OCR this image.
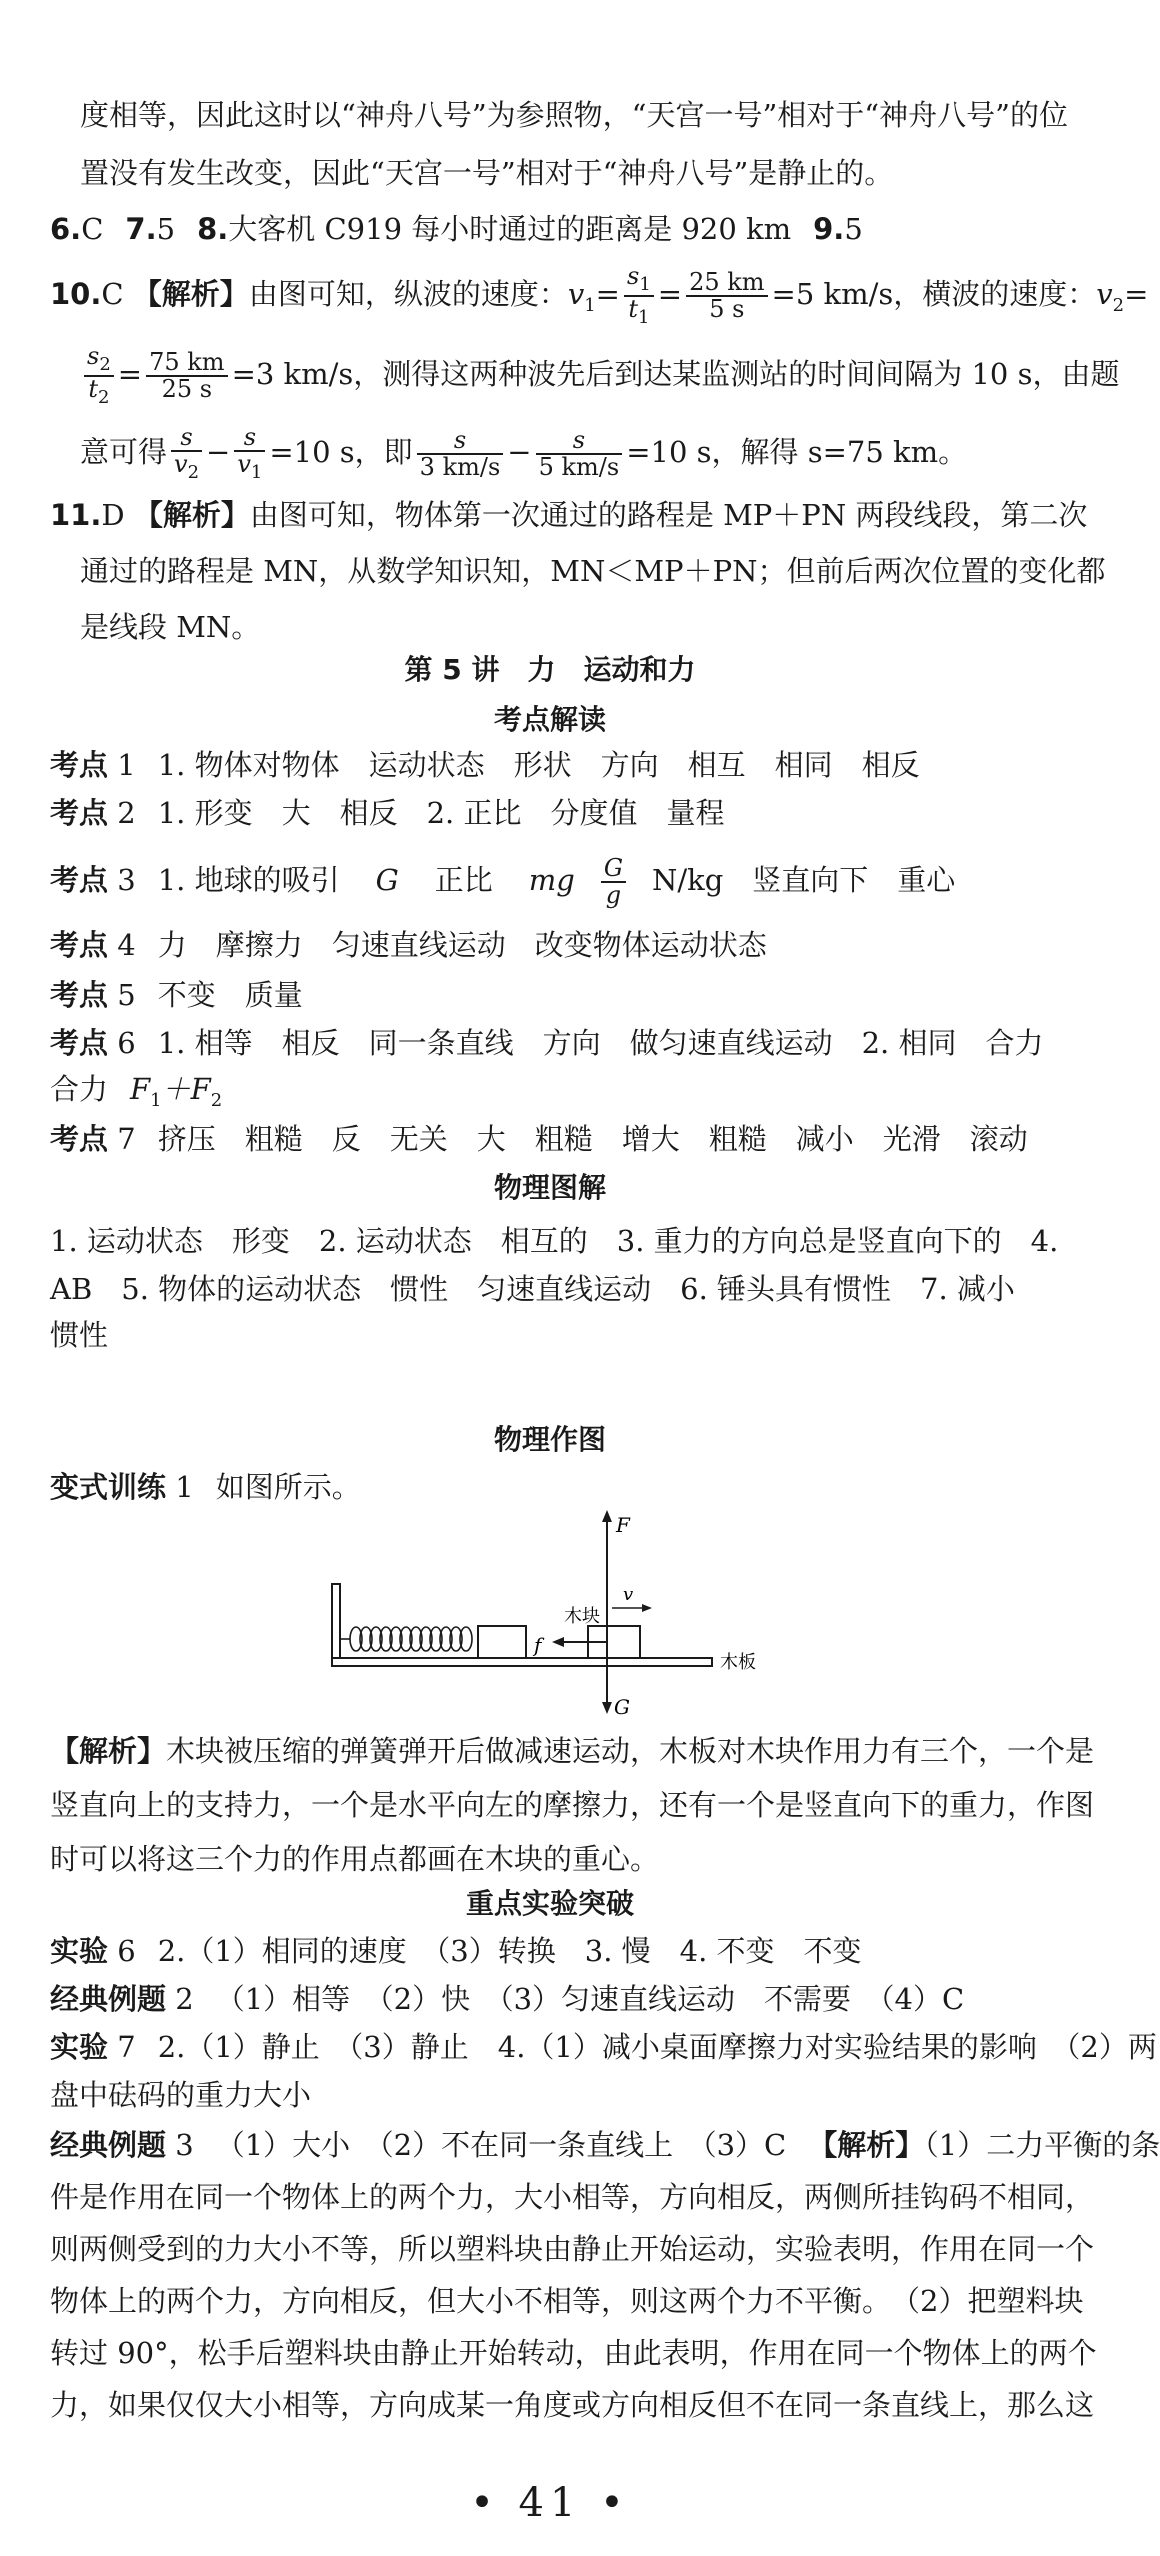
度相等，因此这时以“神舟八号”为参照物，“天宫一号”相对于“神舟八号”的位
置没有发生改变，因此“天宫一号”相对于“神舟八号”是静止的。
6.C 7.5 8.大客机 C919 每小时通过的距离是 920 km 9.5
10.C 【解析】由图可知，纵波的速度：$v_1= \frac{s_1}{t_1} = \frac{25 km}{5 s} =5$ km/s，横波的速度：$v_2=$
$\frac{s_2}{t_2} = \frac{75 km}{25 s} =3$ km/s，测得这两种波先后到达某监测站的时间间隔为 10 s，由题
意可得 $\frac{s}{v_2} - \frac{s}{v_1} =10$ s，即 $\frac{s}{3 km/s} - \frac{s}{5 km/s} =10$ s，解得 s=75 km。
11.D 【解析】由图可知，物体第一次通过的路程是 MP＋PN 两段线段，第二次
通过的路程是 MN，从数学知识知，MN＜MP＋PN；但前后两次位置的变化都
是线段 MN。
第 5 讲　力　运动和力
考点解读
考点 1 1. 物体对物体　运动状态　形状　方向　相互　相同　相反
考点 2 1. 形变　大　相反　2. 正比　分度值　量程
考点 3 1. 地球的吸引 G 正比 mg $\frac{G}{g} N/kg$　竖直向下　重心
考点 4 力　摩擦力　匀速直线运动　改变物体运动状态
考点 5 不变　质量
考点 6 1. 相等　相反　同一条直线　方向　做匀速直线运动　2. 相同　合力
合力 $F_1+F_2$
考点 7 挤压　粗糙　反　无关　大　粗糙　增大　粗糙　减小　光滑　滚动
物理图解
1. 运动状态　形变　2. 运动状态　相互的　3. 重力的方向总是竖直向下的　4.
AB　5. 物体的运动状态　惯性　匀速直线运动　6. 锤头具有惯性　7. 减小
惯性
物理作图
变式训练 1 如图所示。
F
v
木块
f
木板
G
【解析】木块被压缩的弹簧弹开后做减速运动，木板对木块作用力有三个，一个是
竖直向上的支持力，一个是水平向左的摩擦力，还有一个是竖直向下的重力，作图
时可以将这三个力的作用点都画在木块的重心。
重点实验突破
实验 6 2.（1）相同的速度　（3）转换　3. 慢　4. 不变　不变
经典例题 2 （1）相等　（2）快　（3）匀速直线运动　不需要　（4）C
实验 7 2.（1）静止　（3）静止　4.（1）减小桌面摩擦力对实验结果的影响　（2）两
盘中砝码的重力大小
经典例题 3 （1）大小　（2）不在同一条直线上　（3）C 【解析】（1）二力平衡的条
件是作用在同一个物体上的两个力，大小相等，方向相反，两侧所挂钩码不相同，
则两侧受到的力大小不等，所以塑料块由静止开始运动，实验表明，作用在同一个
物体上的两个力，方向相反，但大小不相等，则这两个力不平衡。　（2）把塑料块
转过 90°，松手后塑料块由静止开始转动，由此表明，作用在同一个物体上的两个
力，如果仅仅大小相等，方向成某一角度或方向相反但不在同一条直线上，那么这
• 41 •
